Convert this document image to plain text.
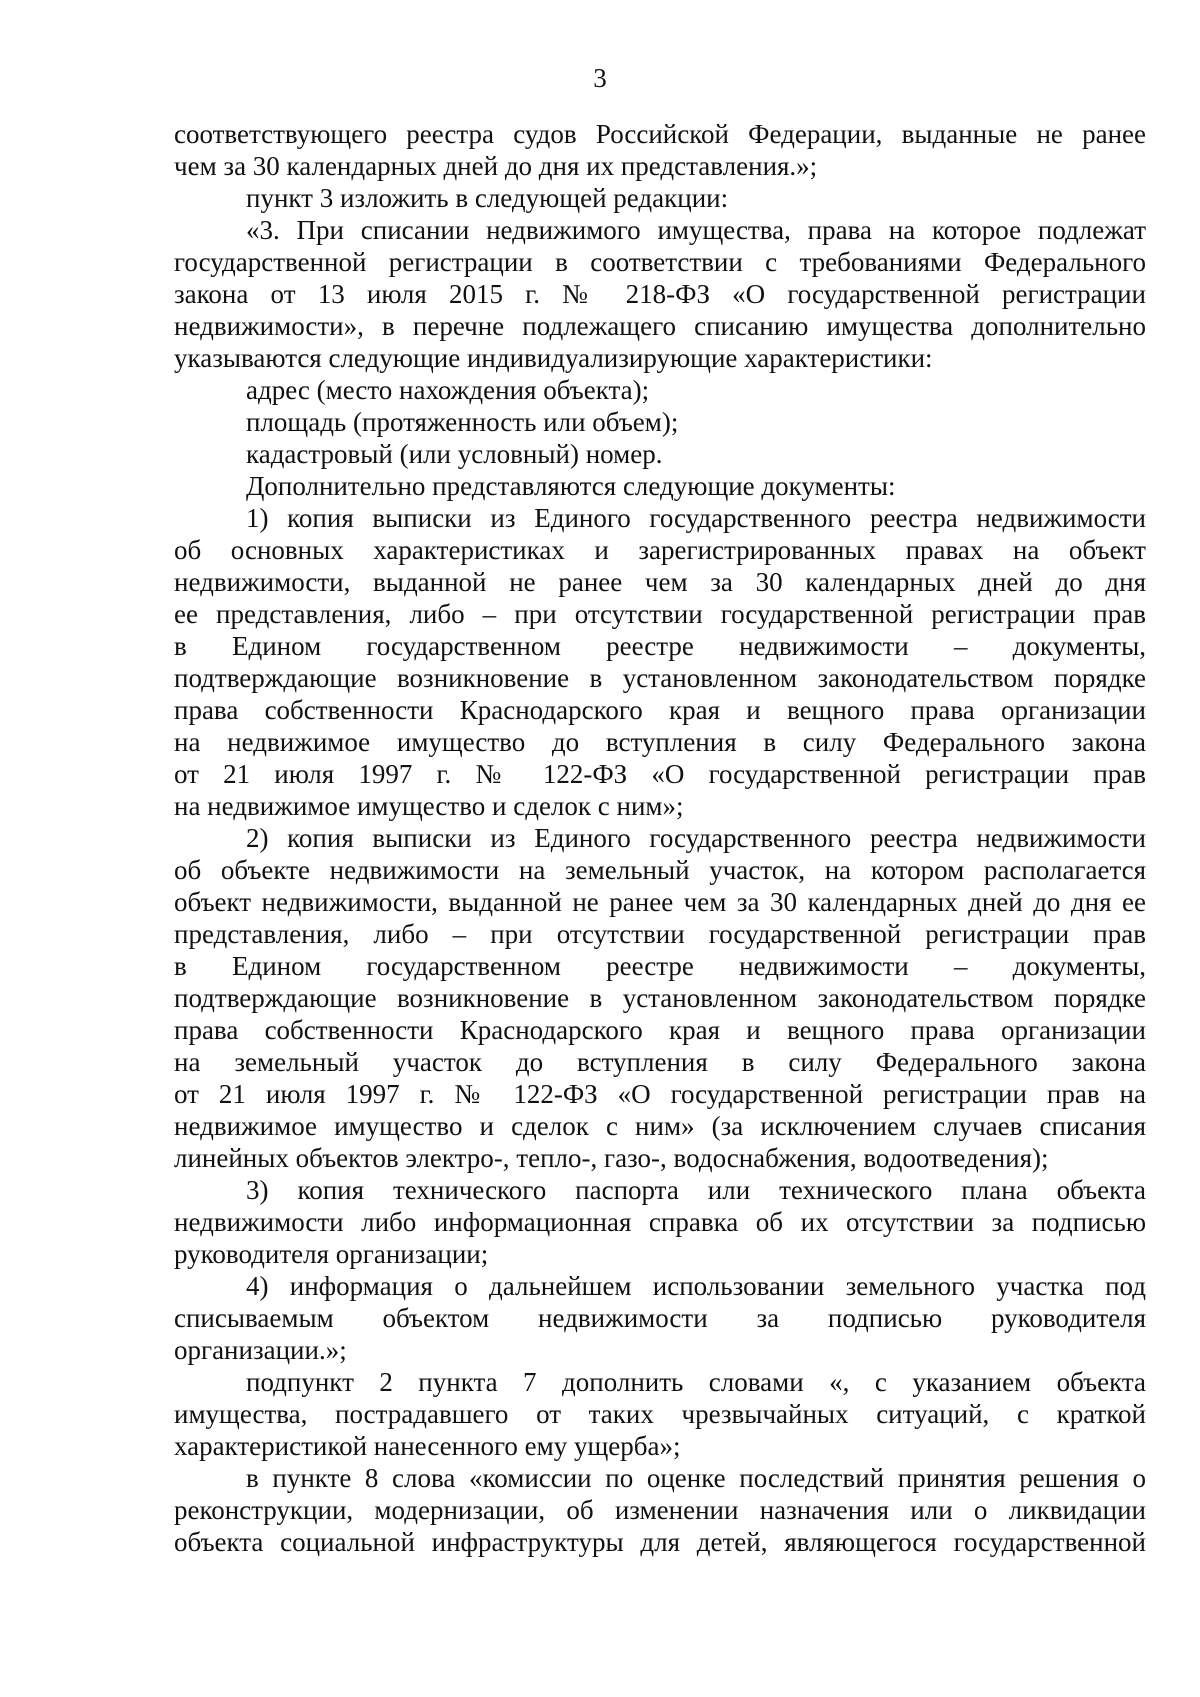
3
соответствующего реестра судов Российской Федерации, выданные не ранее
чем за 30 календарных дней до дня их представления.»;
пункт 3 изложить в следующей редакции:
«3. При списании недвижимого имущества, права на которое подлежат
государственной регистрации в соответствии с требованиями Федерального
закона от 13 июля 2015 г. № 218-ФЗ «О государственной регистрации
недвижимости», в перечне подлежащего списанию имущества дополнительно
указываются следующие индивидуализирующие характеристики:
адрес (место нахождения объекта);
площадь (протяженность или объем);
кадастровый (или условный) номер.
Дополнительно представляются следующие документы:
1) копия выписки из Единого государственного реестра недвижимости
об основных характеристиках и зарегистрированных правах на объект
недвижимости, выданной не ранее чем за 30 календарных дней до дня
ее представления, либо – при отсутствии государственной регистрации прав
в Едином государственном реестре недвижимости – документы,
подтверждающие возникновение в установленном законодательством порядке
права собственности Краснодарского края и вещного права организации
на недвижимое имущество до вступления в силу Федерального закона
от 21 июля 1997 г. № 122-ФЗ «О государственной регистрации прав
на недвижимое имущество и сделок с ним»;
2) копия выписки из Единого государственного реестра недвижимости
об объекте недвижимости на земельный участок, на котором располагается
объект недвижимости, выданной не ранее чем за 30 календарных дней до дня ее
представления, либо – при отсутствии государственной регистрации прав
в Едином государственном реестре недвижимости – документы,
подтверждающие возникновение в установленном законодательством порядке
права собственности Краснодарского края и вещного права организации
на земельный участок до вступления в силу Федерального закона
от 21 июля 1997 г. № 122-ФЗ «О государственной регистрации прав на
недвижимое имущество и сделок с ним» (за исключением случаев списания
линейных объектов электро-, тепло-, газо-, водоснабжения, водоотведения);
3) копия технического паспорта или технического плана объекта
недвижимости либо информационная справка об их отсутствии за подписью
руководителя организации;
4) информация о дальнейшем использовании земельного участка под
списываемым объектом недвижимости за подписью руководителя
организации.»;
подпункт 2 пункта 7 дополнить словами «, с указанием объекта
имущества, пострадавшего от таких чрезвычайных ситуаций, с краткой
характеристикой нанесенного ему ущерба»;
в пункте 8 слова «комиссии по оценке последствий принятия решения о
реконструкции, модернизации, об изменении назначения или о ликвидации
объекта социальной инфраструктуры для детей, являющегося государственной
